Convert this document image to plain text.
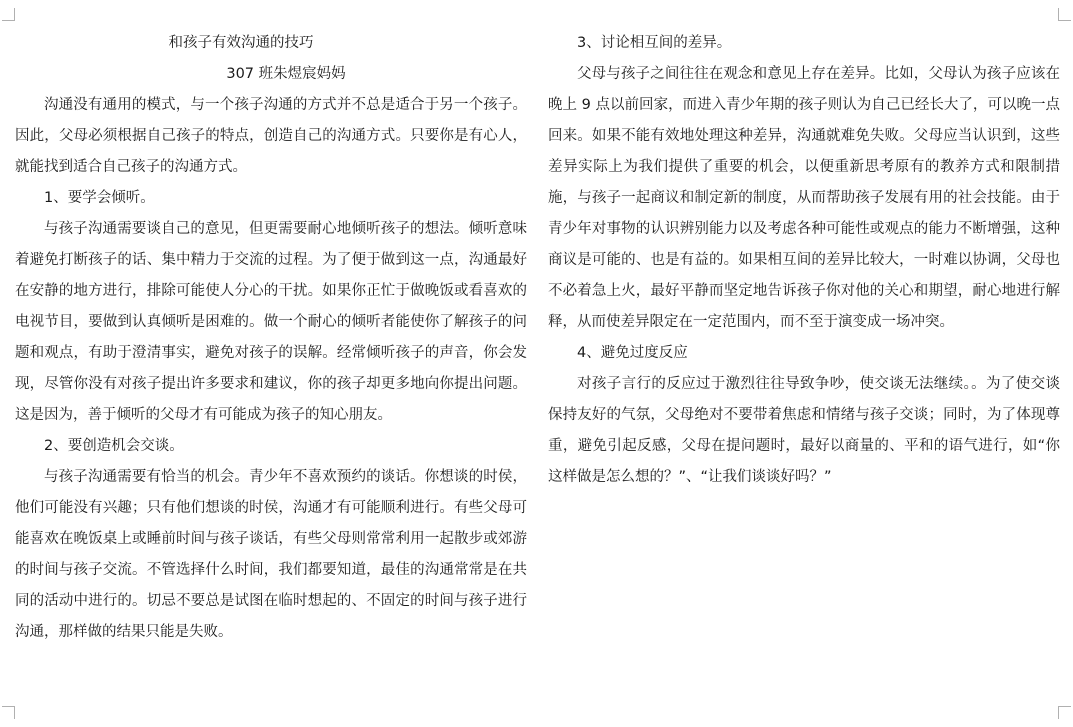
和孩子有效沟通的技巧

307 班朱煜宸妈妈

沟通没有通用的模式，与一个孩子沟通的方式并不总是适合于另一个孩子。因此，父母必须根据自己孩子的特点，创造自己的沟通方式。只要你是有心人，就能找到适合自己孩子的沟通方式。

1、要学会倾听。

与孩子沟通需要谈自己的意见，但更需要耐心地倾听孩子的想法。倾听意味着避免打断孩子的话、集中精力于交流的过程。为了便于做到这一点，沟通最好在安静的地方进行，排除可能使人分心的干扰。如果你正忙于做晚饭或看喜欢的电视节目，要做到认真倾听是困难的。做一个耐心的倾听者能使你了解孩子的问题和观点，有助于澄清事实，避免对孩子的误解。经常倾听孩子的声音，你会发现，尽管你没有对孩子提出许多要求和建议，你的孩子却更多地向你提出问题。这是因为，善于倾听的父母才有可能成为孩子的知心朋友。

2、要创造机会交谈。

与孩子沟通需要有恰当的机会。青少年不喜欢预约的谈话。你想谈的时侯，他们可能没有兴趣；只有他们想谈的时侯，沟通才有可能顺利进行。有些父母可能喜欢在晚饭桌上或睡前时间与孩子谈话，有些父母则常常利用一起散步或郊游的时间与孩子交流。不管选择什么时间，我们都要知道，最佳的沟通常常是在共同的活动中进行的。切忌不要总是试图在临时想起的、不固定的时间与孩子进行沟通，那样做的结果只能是失败。

3、讨论相互间的差异。

父母与孩子之间往往在观念和意见上存在差异。比如，父母认为孩子应该在晚上 9 点以前回家，而进入青少年期的孩子则认为自己已经长大了，可以晚一点回来。如果不能有效地处理这种差异，沟通就难免失败。父母应当认识到，这些差异实际上为我们提供了重要的机会，以便重新思考原有的教养方式和限制措施，与孩子一起商议和制定新的制度，从而帮助孩子发展有用的社会技能。由于青少年对事物的认识辨别能力以及考虑各种可能性或观点的能力不断增强，这种商议是可能的、也是有益的。如果相互间的差异比较大，一时难以协调，父母也不必着急上火，最好平静而坚定地告诉孩子你对他的关心和期望，耐心地进行解释，从而使差异限定在一定范围内，而不至于演变成一场冲突。

4、避免过度反应

对孩子言行的反应过于激烈往往导致争吵，使交谈无法继续。。为了使交谈保持友好的气氛，父母绝对不要带着焦虑和情绪与孩子交谈；同时，为了体现尊重，避免引起反感，父母在提问题时，最好以商量的、平和的语气进行，如“你这样做是怎么想的？”、“让我们谈谈好吗？”
